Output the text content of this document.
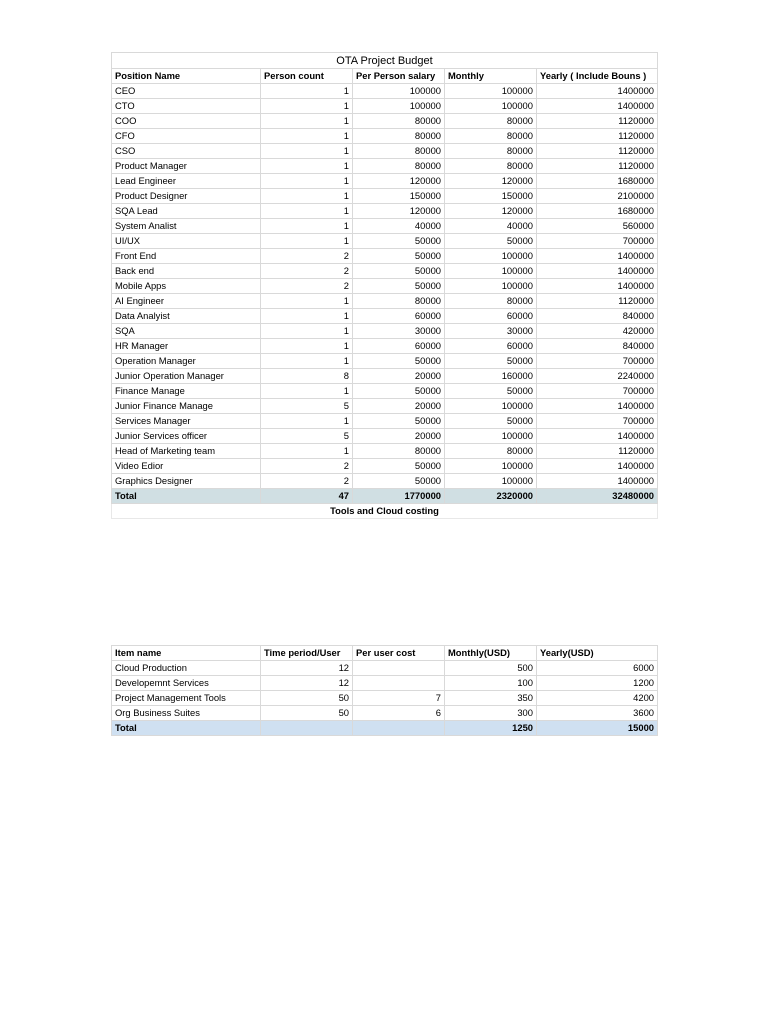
OTA Project Budget				
Position Name	Person count	Per Person salary	Monthly	Yearly ( Include Bouns )
CEO	1	100000	100000	1400000
CTO	1	100000	100000	1400000
COO	1	80000	80000	1120000
CFO	1	80000	80000	1120000
CSO	1	80000	80000	1120000
Product Manager	1	80000	80000	1120000
Lead Engineer	1	120000	120000	1680000
Product Designer	1	150000	150000	2100000
SQA Lead	1	120000	120000	1680000
System Analist	1	40000	40000	560000
UI/UX	1	50000	50000	700000
Front End	2	50000	100000	1400000
Back end	2	50000	100000	1400000
Mobile Apps	2	50000	100000	1400000
AI Engineer	1	80000	80000	1120000
Data Analyist	1	60000	60000	840000
SQA	1	30000	30000	420000
HR Manager	1	60000	60000	840000
Operation Manager	1	50000	50000	700000
Junior Operation Manager	8	20000	160000	2240000
Finance Manage	1	50000	50000	700000
Junior Finance Manage	5	20000	100000	1400000
Services Manager	1	50000	50000	700000
Junior Services officer	5	20000	100000	1400000
Head of Marketing team	1	80000	80000	1120000
Video Edior	2	50000	100000	1400000
Graphics Designer	2	50000	100000	1400000
Total	47	1770000	2320000	32480000
Tools and Cloud costing				
Item name	Time period/User	Per user cost	Monthly(USD)	Yearly(USD)
Cloud Production	12		500	6000
Developemnt Services	12		100	1200
Project Management Tools	50	7	350	4200
Org Business Suites	50	6	300	3600
Total			1250	15000
